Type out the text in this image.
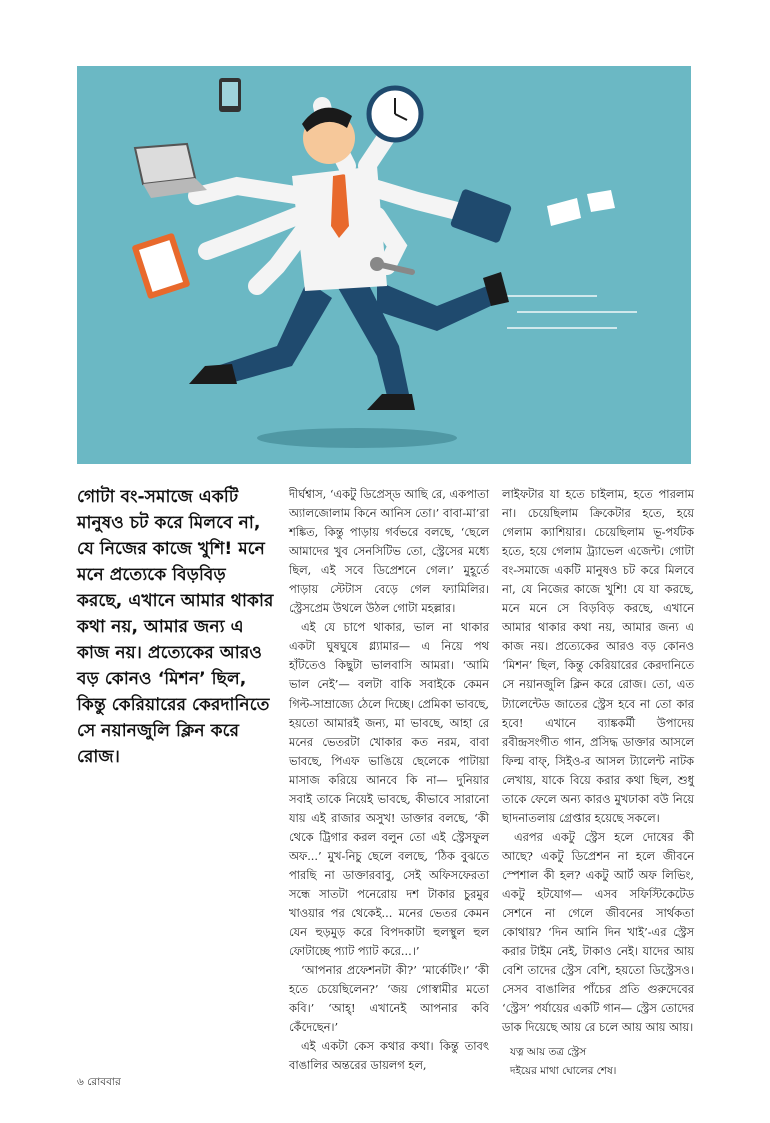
গোটা বং-সমাজে একটি মানুষও চট করে মিলবে না, যে নিজের কাজে খুশি! মনে মনে প্রত্যেকে বিড়বিড় করছে, এখানে আমার থাকার কথা নয়, আমার জন্য এ কাজ নয়। প্রত্যেকের আরও বড় কোনও ‘মিশন’ ছিল, কিন্তু কেরিয়ারের কেরদানিতে সে নয়ানজুলি ক্লিন করে রোজ।

দীর্ঘশ্বাস, ‘একটু ডিপ্রেস্ড আছি রে, একপাতা অ্যালজোলাম কিনে আনিস তো।’ বাবা-মা’রা শঙ্কিত, কিন্তু পাড়ায় গর্বভরে বলছে, ‘ছেলে আমাদের খুব সেনসিটিভ তো, স্ট্রেসের মধ্যে ছিল, এই সবে ডিপ্রেশনে গেল।’ মুহূর্তে পাড়ায় স্টেটাস বেড়ে গেল ফ্যামিলির। স্ট্রেসপ্রেম উথলে উঠল গোটা মহল্লার।

এই যে চাপে থাকার, ভাল না থাকার একটা ঘুষঘুষে গ্ল্যামার— এ নিয়ে পথ হাঁটতেও কিছুটা ভালবাসি আমরা। ‘আমি ভাল নেই’— বলটা বাকি সবাইকে কেমন গিল্ট-সাম্রাজ্যে ঠেলে দিচ্ছে। প্রেমিকা ভাবছে, হয়তো আমারই জন্য, মা ভাবছে, আহা রে মনের ভেতরটা খোকার কত নরম, বাবা ভাবছে, পিএফ ভাঙিয়ে ছেলেকে পাটায়া মাসাজ করিয়ে আনবে কি না— দুনিয়ার সবাই তাকে নিয়েই ভাবছে, কীভাবে সারানো যায় এই রাজার অসুখ! ডাক্তার বলছে, ‘কী থেকে ট্রিগার করল বলুন তো এই স্ট্রেসফুল অফ...’ মুখ-নিচু ছেলে বলছে, ‘ঠিক বুঝতে পারছি না ডাক্তারবাবু, সেই অফিসফেরতা সন্ধে সাতটা পনেরোয় দশ টাকার চুরমুর খাওয়ার পর থেকেই... মনের ভেতর কেমন যেন হুড়মুড় করে বিপদকাটা হুলস্থুল হুল ফোটাচ্ছে প্যাট প্যাট করে...।’

‘আপনার প্রফেশনটা কী?’ ‘মার্কেটিং।’ ‘কী হতে চেয়েছিলেন?’ ‘জয় গোস্বামীর মতো কবি।’ ‘আহ্‌! এখানেই আপনার কবি কেঁদেছেন।’

এই একটা কেস কথার কথা। কিন্তু তাবৎ বাঙালির অন্তরের ডায়লগ হল,

লাইফটার যা হতে চাইলাম, হতে পারলাম না। চেয়েছিলাম ক্রিকেটার হতে, হয়ে গেলাম ক্যাশিয়ার। চেয়েছিলাম ভূ-পর্যটক হতে, হয়ে গেলাম ট্র্যাভেল এজেন্ট। গোটা বং-সমাজে একটি মানুষও চট করে মিলবে না, যে নিজের কাজে খুশি! যে যা করছে, মনে মনে সে বিড়বিড় করছে, এখানে আমার থাকার কথা নয়, আমার জন্য এ কাজ নয়। প্রত্যেকের আরও বড় কোনও ‘মিশন’ ছিল, কিন্তু কেরিয়ারের কেরদানিতে সে নয়ানজুলি ক্লিন করে রোজ। তো, এত ট্যালেন্টেড জাতের স্ট্রেস হবে না তো কার হবে! এখানে ব্যাঙ্ককর্মী উপাদেয় রবীন্দ্রসংগীত গান, প্রসিদ্ধ ডাক্তার আসলে ফিল্ম বাফ্‌, সিইও-র আসল ট্যালেন্ট নাটক লেখায়, যাকে বিয়ে করার কথা ছিল, শুধু তাকে ফেলে অন্য কারও মুখঢাকা বউ নিয়ে ছাদনাতলায় গ্রেপ্তার হয়েছে সকলে।

এরপর একটু স্ট্রেস হলে দোষের কী আছে? একটু ডিপ্রেশন না হলে জীবনে স্পেশাল কী হল? একটু আর্ট অফ লিভিং, একটু হটযোগ— এসব সফিস্টিকেটেড সেশনে না গেলে জীবনের সার্থকতা কোথায়? ‘দিন আনি দিন খাই’-এর স্ট্রেস করার টাইম নেই, টাকাও নেই। যাদের আয় বেশি তাদের স্ট্রেস বেশি, হয়তো ডিস্ট্রেসও। সেসব বাঙালির পাঁচের প্রতি গুরুদেবের ‘স্ট্রেস’ পর্যায়ের একটি গান— স্ট্রেস তোদের ডাক দিয়েছে আয় রে চলে আয় আয় আয়।

যত্ন আয় তত্র স্ট্রেস
দইয়ের মাথা ঘোলের শেষ।
৬ রোববার
